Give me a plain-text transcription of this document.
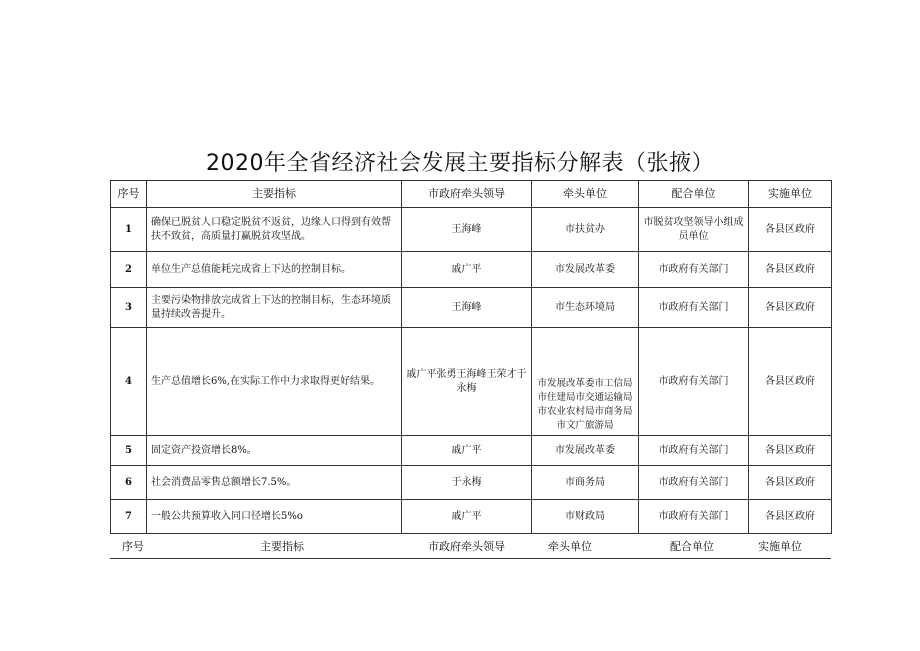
2020年全省经济社会发展主要指标分解表（张掖）
序号	主要指标	市政府牵头领导	牵头单位	配合单位	实施单位
1	确保已脱贫人口稳定脱贫不返贫，边缘人口得到有效帮扶不致贫，高质量打赢脱贫攻坚战。	王海峰	市扶贫办	市脱贫攻坚领导小组成员单位	各县区政府
2	单位生产总值能耗完成省上下达的控制目标。	戚广平	市发展改革委	市政府有关部门	各县区政府
3	主要污染物排放完成省上下达的控制目标，生态环境质量持续改善提升。	王海峰	市生态环境局	市政府有关部门	各县区政府
4	生产总值增长6%,在实际工作中力求取得更好结果。	戚广平张勇王海峰王荣才于永梅	市发展改革委市工信局市住建局市交通运输局市农业农村局市商务局市文广旅游局	市政府有关部门	各县区政府
5	固定资产投资增长8%。	戚广平	市发展改革委	市政府有关部门	各县区政府
6	社会消费品零售总额增长7.5%。	于永梅	市商务局	市政府有关部门	各县区政府
7	一般公共预算收入同口径增长5%o	戚广平	市财政局	市政府有关部门	各县区政府
序号	主要指标	市政府牵头领导	牵头单位	配合单位	实施单位
